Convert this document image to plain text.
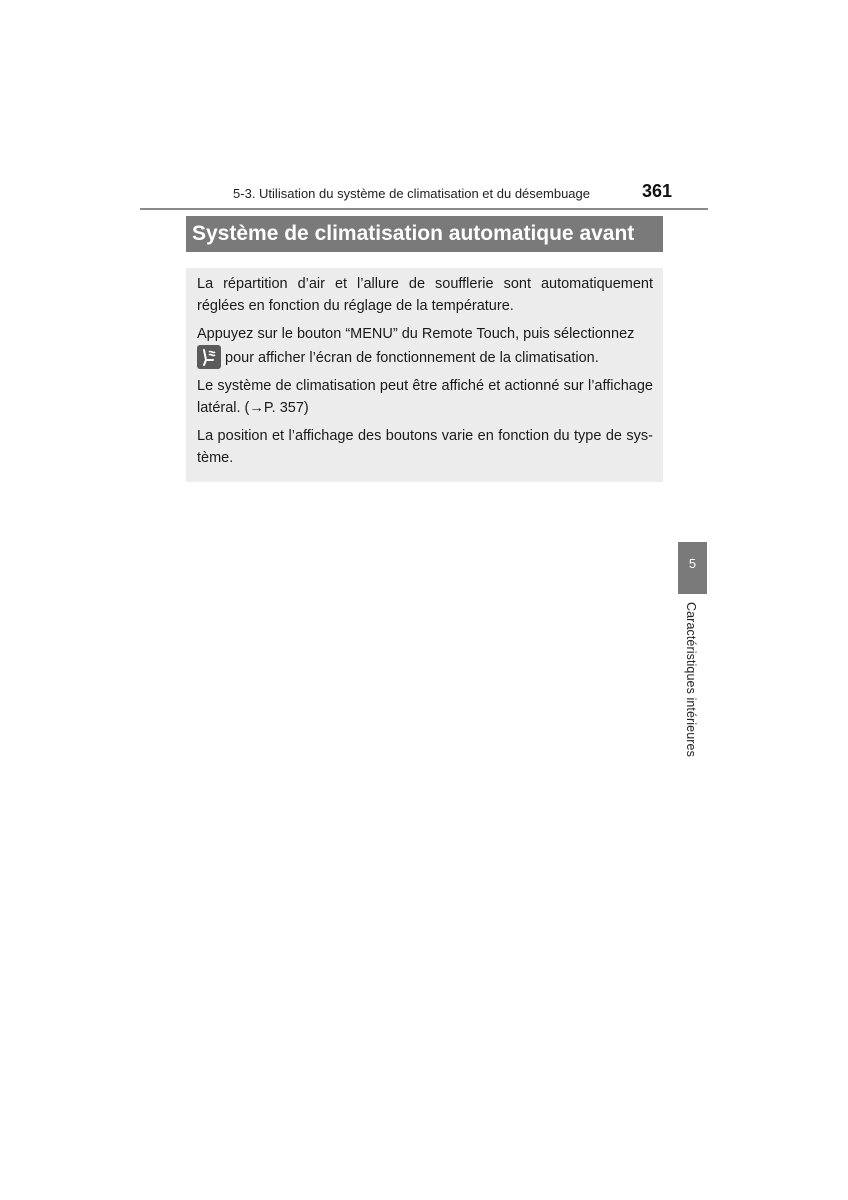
5-3. Utilisation du système de climatisation et du désembuage	361
Système de climatisation automatique avant

La répartition d’air et l’allure de soufflerie sont automatiquement réglées en fonction du réglage de la température.

Appuyez sur le bouton “MENU” du Remote Touch, puis sélectionnez

pour afficher l’écran de fonctionnement de la climatisation.

Le système de climatisation peut être affiché et actionné sur l’affichage latéral. (→P. 357)

La position et l’affichage des boutons varie en fonction du type de sys-tème.

5
Caractéristiques intérieures
